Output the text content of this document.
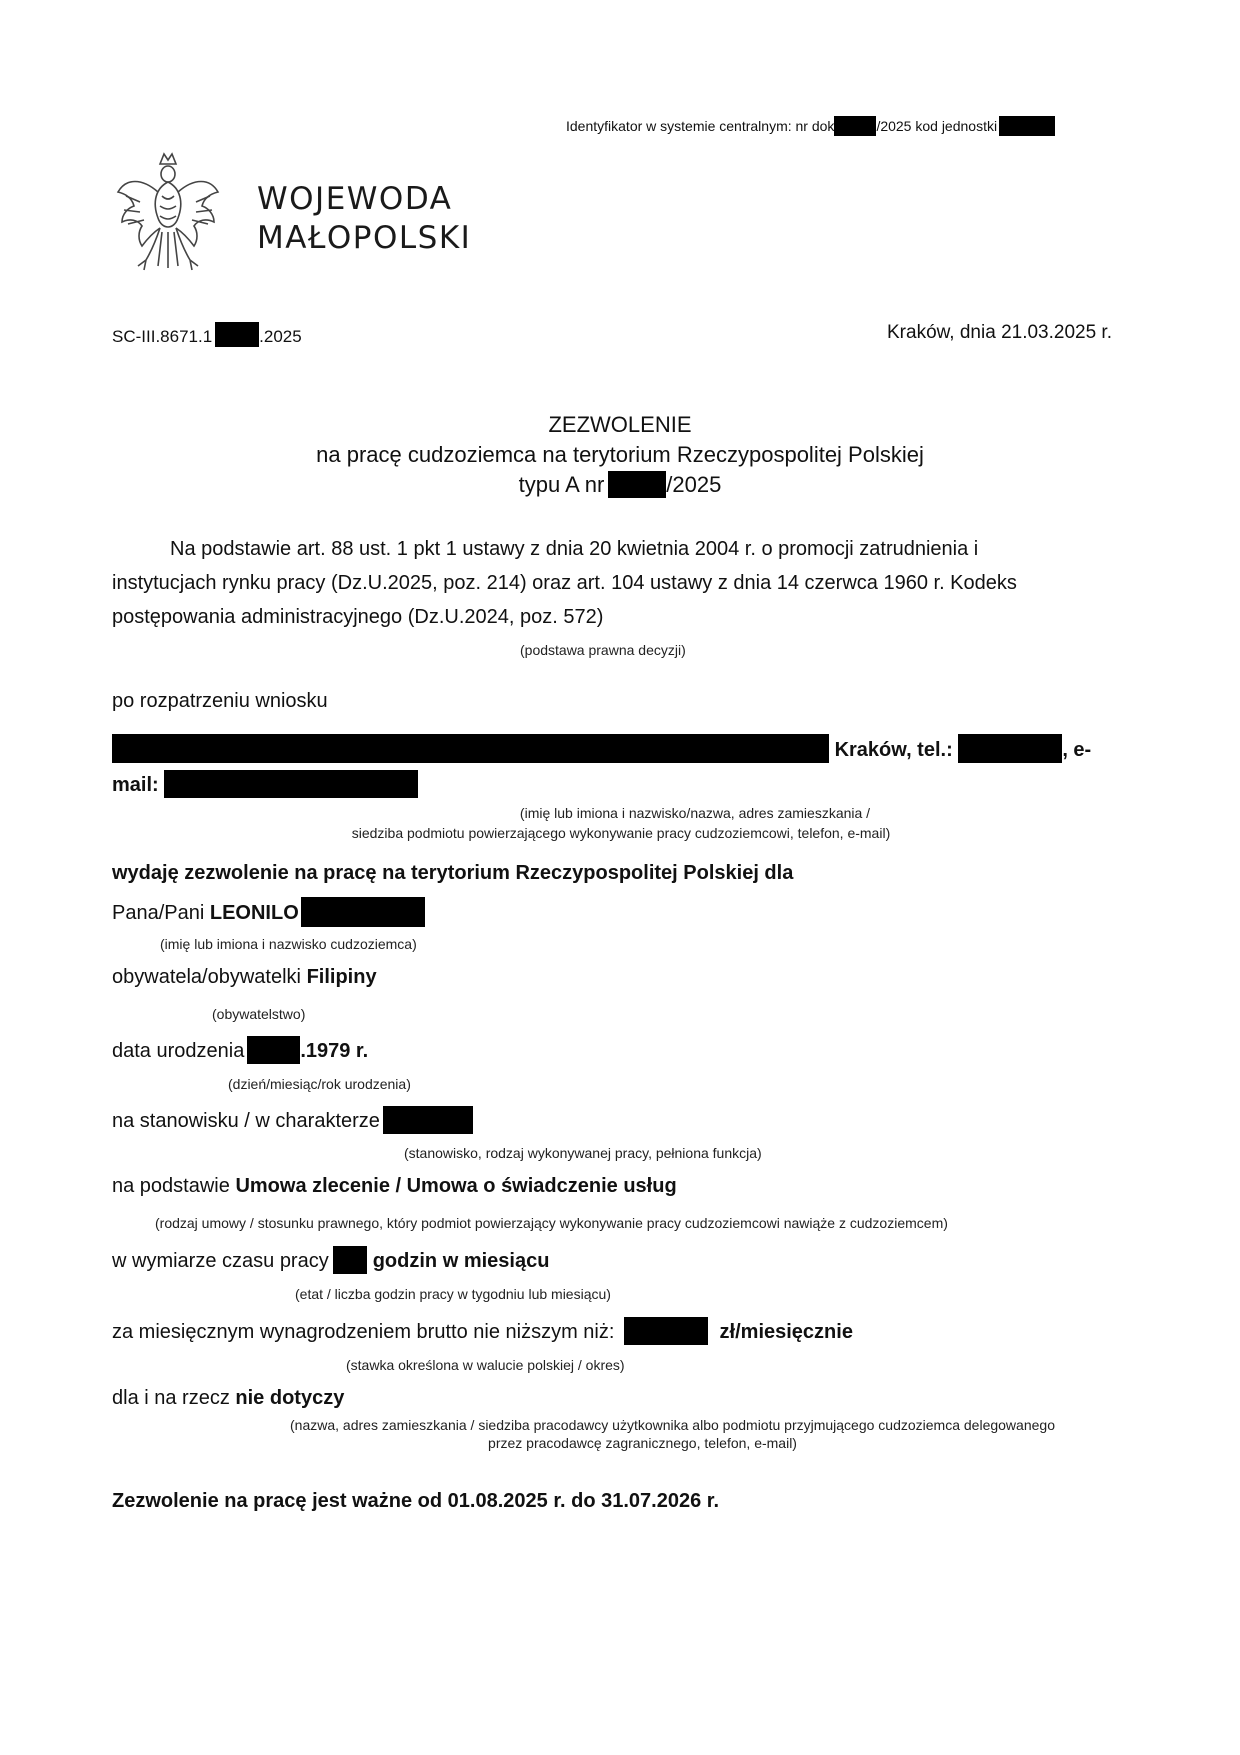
Identyfikator w systemie centralnym: nr dok	/2025 kod jednostki
WOJEWODA
MAŁOPOLSKI
SC-III.8671.1	.2025	Kraków, dnia 21.03.2025 r.
ZEZWOLENIE
na pracę cudzoziemca na terytorium Rzeczypospolitej Polskiej
typu A nr	/2025
Na podstawie art. 88 ust. 1 pkt 1 ustawy z dnia 20 kwietnia 2004 r. o promocji zatrudnienia i
instytucjach rynku pracy (Dz.U.2025, poz. 214) oraz art. 104 ustawy z dnia 14 czerwca 1960 r. Kodeks
postępowania administracyjnego (Dz.U.2024, poz. 572)
(podstawa prawna decyzji)
po rozpatrzeniu wniosku
Kraków, tel.:	, e-
mail:
(imię lub imiona i nazwisko/nazwa, adres zamieszkania /
siedziba podmiotu powierzającego wykonywanie pracy cudzoziemcowi, telefon, e-mail)
wydaję zezwolenie na pracę na terytorium Rzeczypospolitej Polskiej dla
Pana/Pani LEONILO
(imię lub imiona i nazwisko cudzoziemca)
obywatela/obywatelki Filipiny
(obywatelstwo)
data urodzenia	.1979 r.
(dzień/miesiąc/rok urodzenia)
na stanowisku / w charakterze
(stanowisko, rodzaj wykonywanej pracy, pełniona funkcja)
na podstawie Umowa zlecenie / Umowa o świadczenie usług
(rodzaj umowy / stosunku prawnego, który podmiot powierzający wykonywanie pracy cudzoziemcowi nawiąże z cudzoziemcem)
w wymiarze czasu pracy godzin w miesiącu
(etat / liczba godzin pracy w tygodniu lub miesiącu)
za miesięcznym wynagrodzeniem brutto nie niższym niż:	zł/miesięcznie
(stawka określona w walucie polskiej / okres)
dla i na rzecz nie dotyczy
(nazwa, adres zamieszkania / siedziba pracodawcy użytkownika albo podmiotu przyjmującego cudzoziemca delegowanego
przez pracodawcę zagranicznego, telefon, e-mail)
Zezwolenie na pracę jest ważne od 01.08.2025 r. do 31.07.2026 r.
